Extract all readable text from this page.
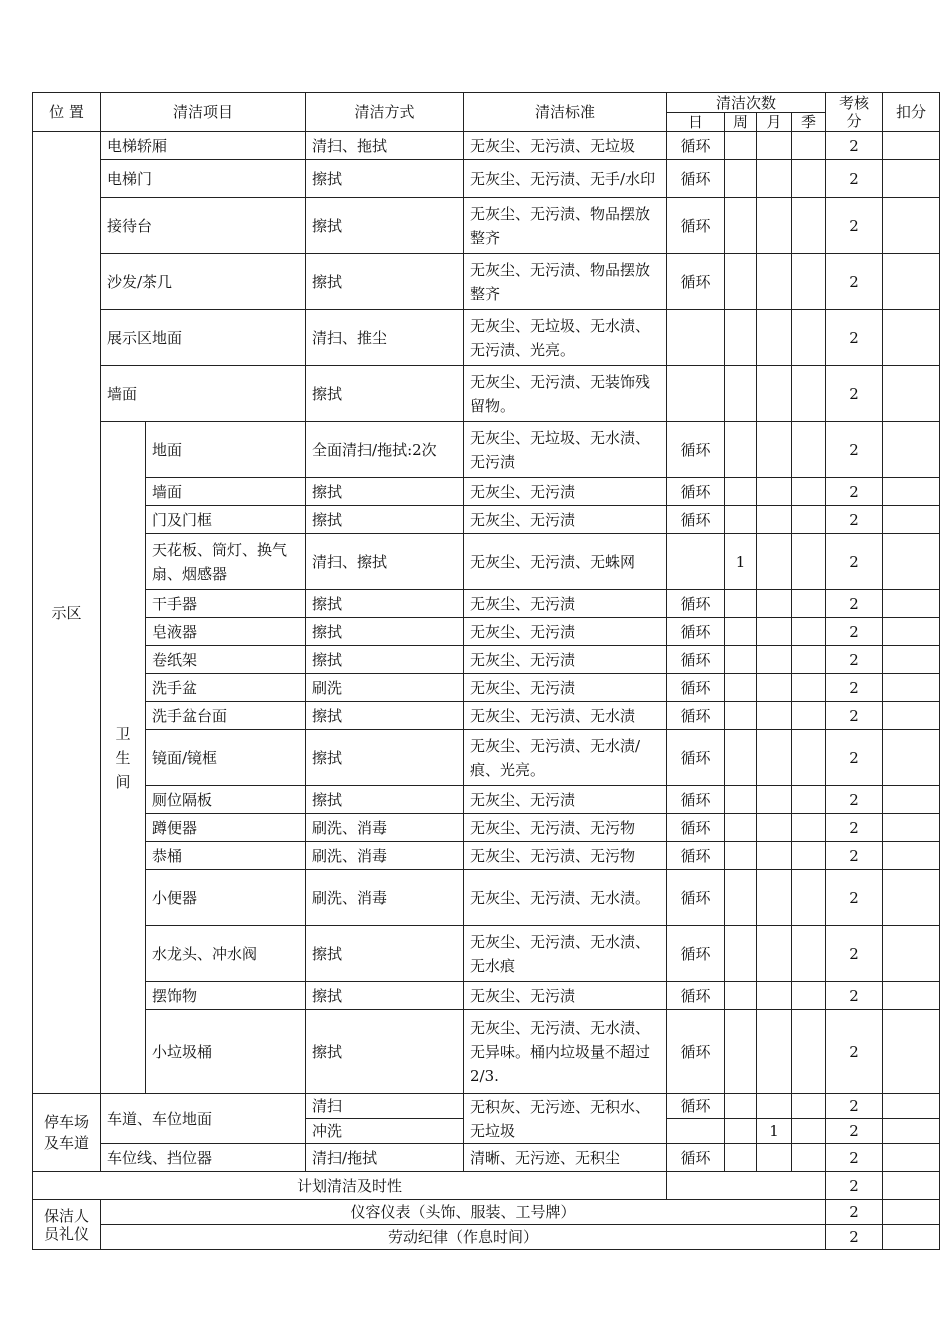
位 置	清洁项目		清洁方式	清洁标准	清洁次数				考核分	扣分
					日	周	月	季		
示区	电梯轿厢		清扫、拖拭	无灰尘、无污渍、无垃圾	循环				2	
	电梯门		擦拭	无灰尘、无污渍、无手/水印	循环				2	
	接待台		擦拭	无灰尘、无污渍、物品摆放整齐	循环				2	
	沙发/茶几		擦拭	无灰尘、无污渍、物品摆放整齐	循环				2	
	展示区地面		清扫、推尘	无灰尘、无垃圾、无水渍、无污渍、光亮。					2	
	墙面		擦拭	无灰尘、无污渍、无装饰残留物。					2	
	卫生间	地面	全面清扫/拖拭:2次	无灰尘、无垃圾、无水渍、无污渍	循环				2	
		墙面	擦拭	无灰尘、无污渍	循环				2	
		门及门框	擦拭	无灰尘、无污渍	循环				2	
		天花板、筒灯、换气扇、烟感器	清扫、擦拭	无灰尘、无污渍、无蛛网		1			2	
		干手器	擦拭	无灰尘、无污渍	循环				2	
		皂液器	擦拭	无灰尘、无污渍	循环				2	
		卷纸架	擦拭	无灰尘、无污渍	循环				2	
		洗手盆	刷洗	无灰尘、无污渍	循环				2	
		洗手盆台面	擦拭	无灰尘、无污渍、无水渍	循环				2	
		镜面/镜框	擦拭	无灰尘、无污渍、无水渍/痕、光亮。	循环				2	
		厕位隔板	擦拭	无灰尘、无污渍	循环				2	
		蹲便器	刷洗、消毒	无灰尘、无污渍、无污物	循环				2	
		恭桶	刷洗、消毒	无灰尘、无污渍、无污物	循环				2	
		小便器	刷洗、消毒	无灰尘、无污渍、无水渍。	循环				2	
		水龙头、冲水阀	擦拭	无灰尘、无污渍、无水渍、无水痕	循环				2	
		摆饰物	擦拭	无灰尘、无污渍	循环				2	
		小垃圾桶	擦拭	无灰尘、无污渍、无水渍、无异味。桶内垃圾量不超过2/3.	循环				2	
停车场及车道	车道、车位地面		清扫	无积灰、无污迹、无积水、无垃圾	循环				2	
			冲洗				1		2	
	车位线、挡位器		清扫/拖拭	清晰、无污迹、无积尘	循环				2	
计划清洁及时性									2	
保洁人员礼仪	仪容仪表（头饰、服装、工号牌）								2	
	劳动纪律（作息时间）								2	
